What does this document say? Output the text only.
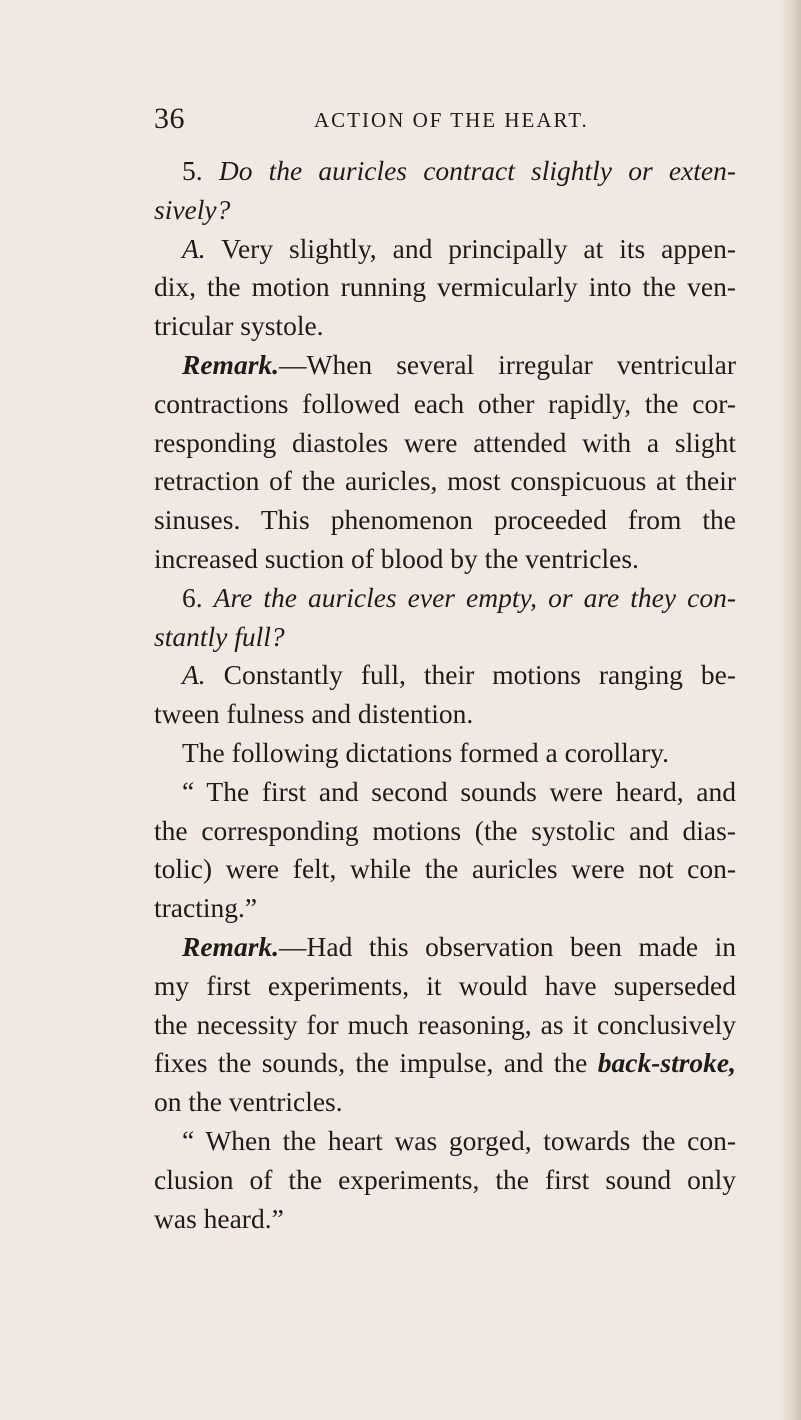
36	ACTION OF THE HEART.
5. Do the auricles contract slightly or exten-
sively?
A. Very slightly, and principally at its appen-
dix, the motion running vermicularly into the ven-
tricular systole.
Remark.—When several irregular ventricular
contractions followed each other rapidly, the cor-
responding diastoles were attended with a slight
retraction of the auricles, most conspicuous at their
sinuses. This phenomenon proceeded from the
increased suction of blood by the ventricles.
6. Are the auricles ever empty, or are they con-
stantly full?
A. Constantly full, their motions ranging be-
tween fulness and distention.
The following dictations formed a corollary.
“ The first and second sounds were heard, and
the corresponding motions (the systolic and dias-
tolic) were felt, while the auricles were not con-
tracting.”
Remark.—Had this observation been made in
my first experiments, it would have superseded
the necessity for much reasoning, as it conclusively
fixes the sounds, the impulse, and the back-stroke,
on the ventricles.
“ When the heart was gorged, towards the con-
clusion of the experiments, the first sound only
was heard.”
